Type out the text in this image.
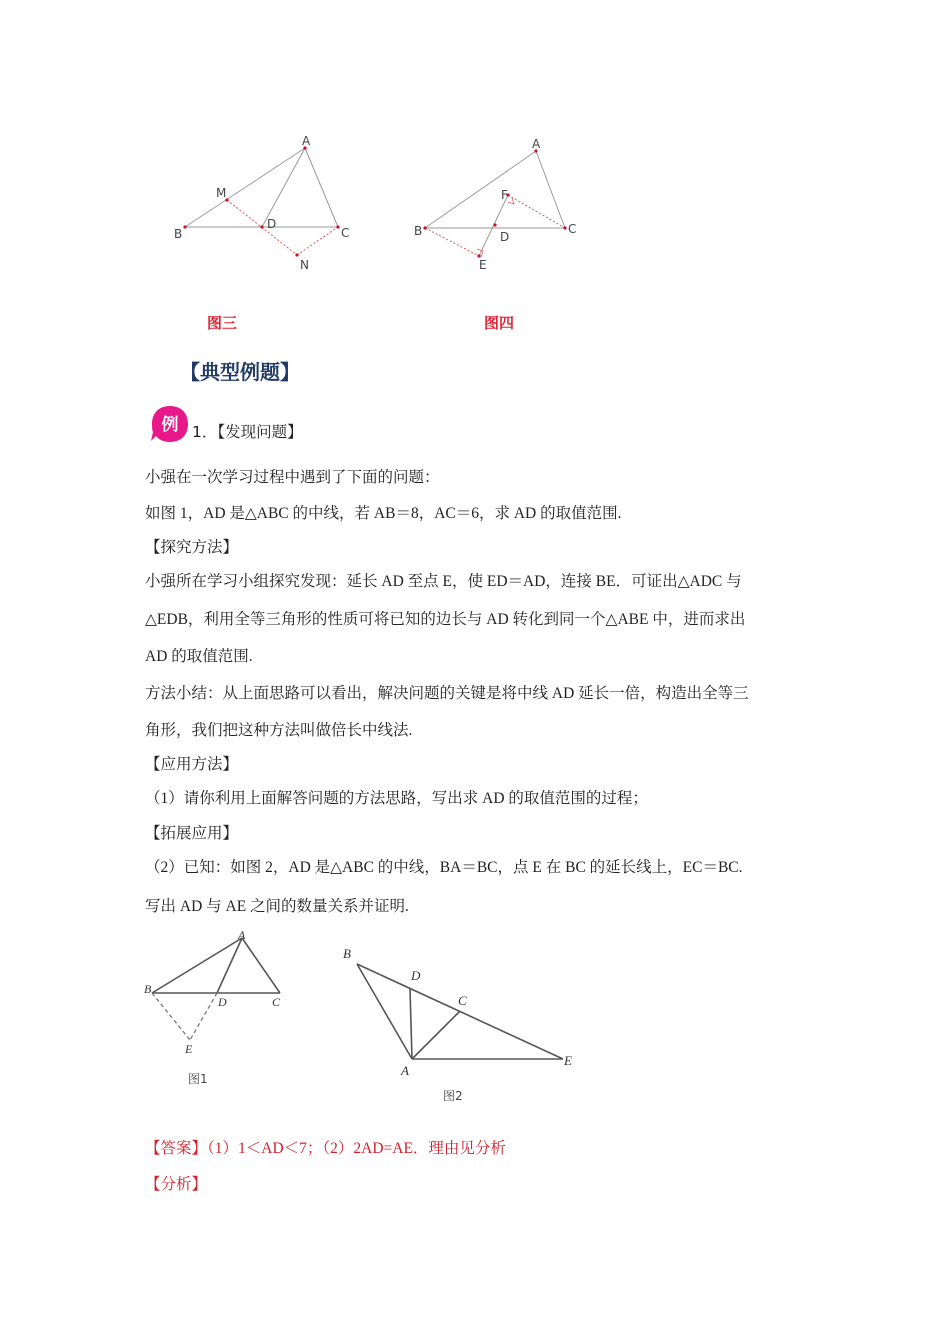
A
M
B
D
C
N
A
F
B	D
C
E
图三	图四
【典型例题】
例 1．【发现问题】
小强在一次学习过程中遇到了下面的问题：
如图 1，AD 是△ABC 的中线，若 AB＝8，AC＝6，求 AD 的取值范围.
【探究方法】
小强所在学习小组探究发现：延长 AD 至点 E，使 ED＝AD，连接 BE．可证出△ADC 与
△EDB，利用全等三角形的性质可将已知的边长与 AD 转化到同一个△ABE 中，进而求出
AD 的取值范围.
方法小结：从上面思路可以看出，解决问题的关键是将中线 AD 延长一倍，构造出全等三
角形，我们把这种方法叫做倍长中线法.
【应用方法】
（1）请你利用上面解答问题的方法思路，写出求 AD 的取值范围的过程；
【拓展应用】
（2）已知：如图 2，AD 是△ABC 的中线，BA＝BC，点 E 在 BC 的延长线上，EC＝BC.
写出 AD 与 AE 之间的数量关系并证明.
A
B
D	C
E
图1
B
D
C
A
E
图2
【答案】（1）1＜AD＜7；（2）2AD=AE．理由见分析
【分析】
